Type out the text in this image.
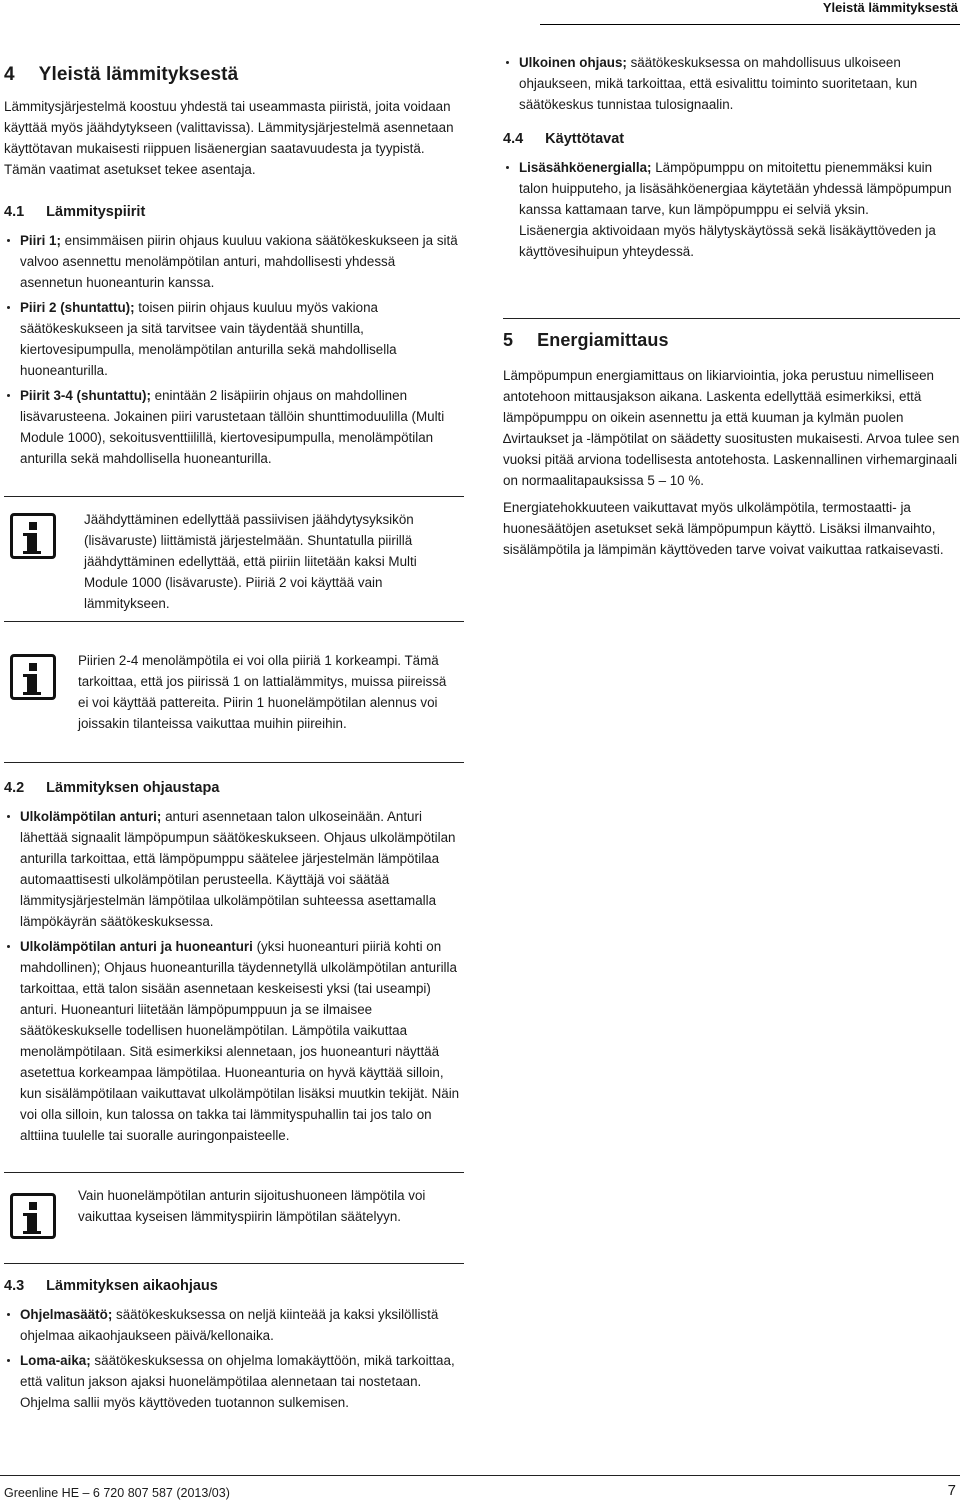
Yleistä lämmityksestä
4 Yleistä lämmityksestä

Lämmitysjärjestelmä koostuu yhdestä tai useammasta piiristä, joita voidaan käyttää myös jäähdytykseen (valittavissa). Lämmitysjärjestelmä asennetaan käyttötavan mukaisesti riippuen lisäenergian saatavuudesta ja tyypistä. Tämän vaatimat asetukset tekee asentaja.

4.1 Lämmityspiirit
Piiri 1; ensimmäisen piirin ohjaus kuuluu vakiona säätökeskukseen ja sitä valvoo asennettu menolämpötilan anturi, mahdollisesti yhdessä asennetun huoneanturin kanssa.
Piiri 2 (shuntattu); toisen piirin ohjaus kuuluu myös vakiona säätökeskukseen ja sitä tarvitsee vain täydentää shuntilla, kiertovesipumpulla, menolämpötilan anturilla sekä mahdollisella huoneanturilla.
Piirit 3-4 (shuntattu); enintään 2 lisäpiirin ohjaus on mahdollinen lisävarusteena. Jokainen piiri varustetaan tällöin shunttimoduulilla (Multi Module 1000), sekoitusventtiilillä, kiertovesipumpulla, menolämpötilan anturilla sekä mahdollisella huoneanturilla.

Jäähdyttäminen edellyttää passiivisen jäähdytysyksikön (lisävaruste) liittämistä järjestelmään. Shuntatulla piirillä jäähdyttäminen edellyttää, että piiriin liitetään kaksi Multi Module 1000 (lisävaruste). Piiriä 2 voi käyttää vain lämmitykseen.

Piirien 2-4 menolämpötila ei voi olla piiriä 1 korkeampi. Tämä tarkoittaa, että jos piirissä 1 on lattialämmitys, muissa piireissä ei voi käyttää pattereita. Piirin 1 huonelämpötilan alennus voi joissakin tilanteissa vaikuttaa muihin piireihin.

4.2 Lämmityksen ohjaustapa
Ulkolämpötilan anturi; anturi asennetaan talon ulkoseinään. Anturi lähettää signaalit lämpöpumpun säätökeskukseen. Ohjaus ulkolämpötilan anturilla tarkoittaa, että lämpöpumppu säätelee järjestelmän lämpötilaa automaattisesti ulkolämpötilan perusteella. Käyttäjä voi säätää lämmitysjärjestelmän lämpötilaa ulkolämpötilan suhteessa asettamalla lämpökäyrän säätökeskuksessa.
Ulkolämpötilan anturi ja huoneanturi (yksi huoneanturi piiriä kohti on mahdollinen); Ohjaus huoneanturilla täydennetyllä ulkolämpötilan anturilla tarkoittaa, että talon sisään asennetaan keskeisesti yksi (tai useampi) anturi. Huoneanturi liitetään lämpöpumppuun ja se ilmaisee säätökeskukselle todellisen huonelämpötilan. Lämpötila vaikuttaa menolämpötilaan. Sitä esimerkiksi alennetaan, jos huoneanturi näyttää asetettua korkeampaa lämpötilaa. Huoneanturia on hyvä käyttää silloin, kun sisälämpötilaan vaikuttavat ulkolämpötilan lisäksi muutkin tekijät. Näin voi olla silloin, kun talossa on takka tai lämmityspuhallin tai jos talo on alttiina tuulelle tai suoralle auringonpaisteelle.

Vain huonelämpötilan anturin sijoitushuoneen lämpötila voi vaikuttaa kyseisen lämmityspiirin lämpötilan säätelyyn.

4.3 Lämmityksen aikaohjaus
Ohjelmasäätö; säätökeskuksessa on neljä kiinteää ja kaksi yksilöllistä ohjelmaa aikaohjaukseen päivä/kellonaika.
Loma-aika; säätökeskuksessa on ohjelma lomakäyttöön, mikä tarkoittaa, että valitun jakson ajaksi huonelämpötilaa alennetaan tai nostetaan. Ohjelma sallii myös käyttöveden tuotannon sulkemisen.
Ulkoinen ohjaus; säätökeskuksessa on mahdollisuus ulkoiseen ohjaukseen, mikä tarkoittaa, että esivalittu toiminto suoritetaan, kun säätökeskus tunnistaa tulosignaalin.
4.4 Käyttötavat
Lisäsähköenergialla; Lämpöpumppu on mitoitettu pienemmäksi kuin talon huipputeho, ja lisäsähköenergiaa käytetään yhdessä lämpöpumpun kanssa kattamaan tarve, kun lämpöpumppu ei selviä yksin.
Lisäenergia aktivoidaan myös hälytyskäytössä sekä lisäkäyttöveden ja käyttövesihuipun yhteydessä.
5 Energiamittaus

Lämpöpumpun energiamittaus on likiarviointia, joka perustuu nimelliseen antotehoon mittausjakson aikana. Laskenta edellyttää esimerkiksi, että lämpöpumppu on oikein asennettu ja että kuuman ja kylmän puolen ∆virtaukset ja -lämpötilat on säädetty suositusten mukaisesti. Arvoa tulee sen vuoksi pitää arviona todellisesta antotehosta. Laskennallinen virhemarginaali on normaalitapauksissa 5 – 10 %.

Energiatehokkuuteen vaikuttavat myös ulkolämpötila, termostaatti- ja huonesäätöjen asetukset sekä lämpöpumpun käyttö. Lisäksi ilmanvaihto, sisälämpötila ja lämpimän käyttöveden tarve voivat vaikuttaa ratkaisevasti.

Greenline HE – 6 720 807 587 (2013/03)	7
